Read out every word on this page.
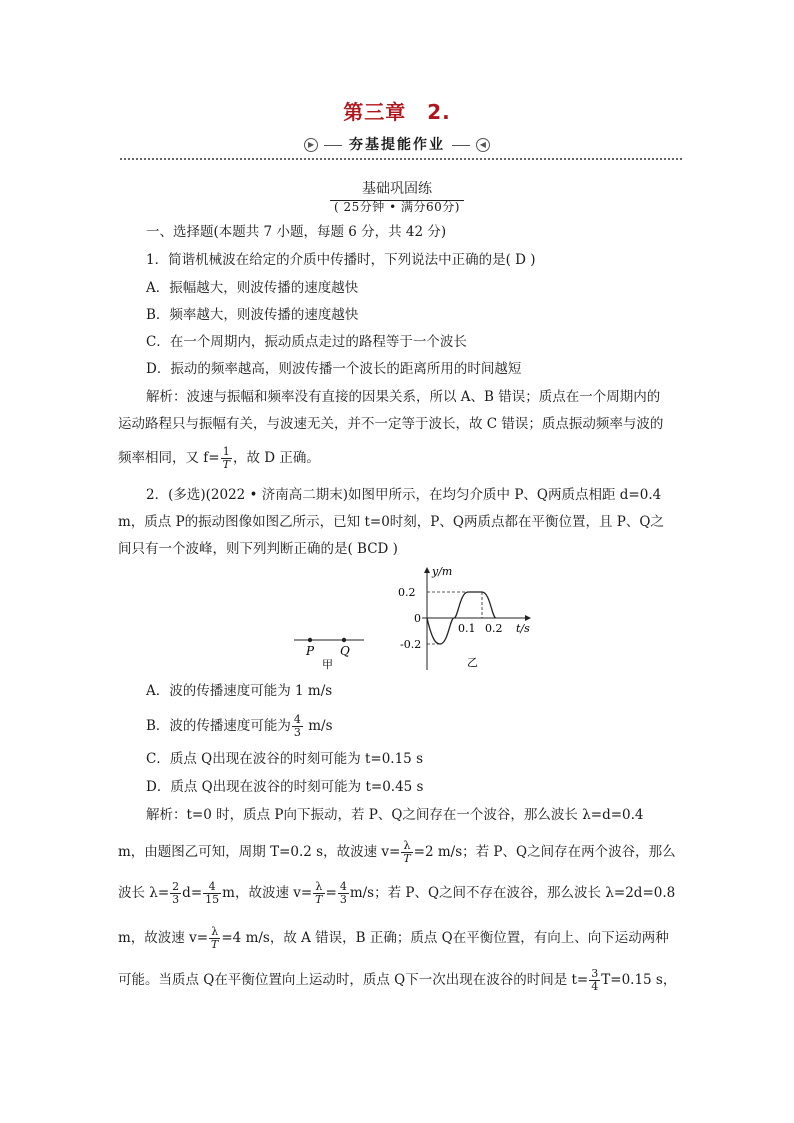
第三章　2.
▶ 夯基提能作业	◀
基础巩固练
( 25分钟 • 满分60分)
一、选择题(本题共 7 小题，每题 6 分，共 42 分)
1．简谐机械波在给定的介质中传播时，下列说法中正确的是( D )
A．振幅越大，则波传播的速度越快
B．频率越大，则波传播的速度越快
C．在一个周期内，振动质点走过的路程等于一个波长
D．振动的频率越高，则波传播一个波长的距离所用的时间越短
解析：波速与振幅和频率没有直接的因果关系，所以 A、B 错误；质点在一个周期内的
运动路程只与振幅有关，与波速无关，并不一定等于波长，故 C 错误；质点振动频率与波的
频率相同，又 $f= \frac{1}{T}$ ，故 D 正确。
2．(多选)(2022 • 济南高二期末)如图甲所示，在均匀介质中 P、Q两质点相距 d=0.4
m，质点 P的振动图像如图乙所示，已知 t=0时刻，P、Q两质点都在平衡位置，且 P、Q之
间只有一个波峰，则下列判断正确的是( BCD )
P Q
甲
y/m
t/s
0.2
0
-0.2
0.1 0.2
乙
A．波的传播速度可能为 1 m/s
B．波的传播速度可能为 $\frac{4}{3} m/s$
C．质点 Q出现在波谷的时刻可能为 t=0.15 s
D．质点 Q出现在波谷的时刻可能为 t=0.45 s
解析：t=0 时，质点 P向下振动，若 P、Q之间存在一个波谷，那么波长 λ=d=0.4
m，由题图乙可知，周期 T=0.2 s，故波速 $v= \frac{\lambda}{T} =2$ m/s；若 P、Q之间存在两个波谷，那么
波长 $\lambda= \frac{2}{3} d= \frac{4}{15}$ m，故波速 $v= \frac{\lambda}{T} = \frac{4}{3} m/s$；若 P、Q之间不存在波谷，那么波长 λ=2d=0.8
m，故波速 $v= \frac{\lambda}{T} =4$ m/s，故 A 错误，B 正确；质点 Q在平衡位置，有向上、向下运动两种
可能。当质点 Q在平衡位置向上运动时，质点 Q下一次出现在波谷的时间是 $t= \frac{3}{4} T=0.15$ s，
